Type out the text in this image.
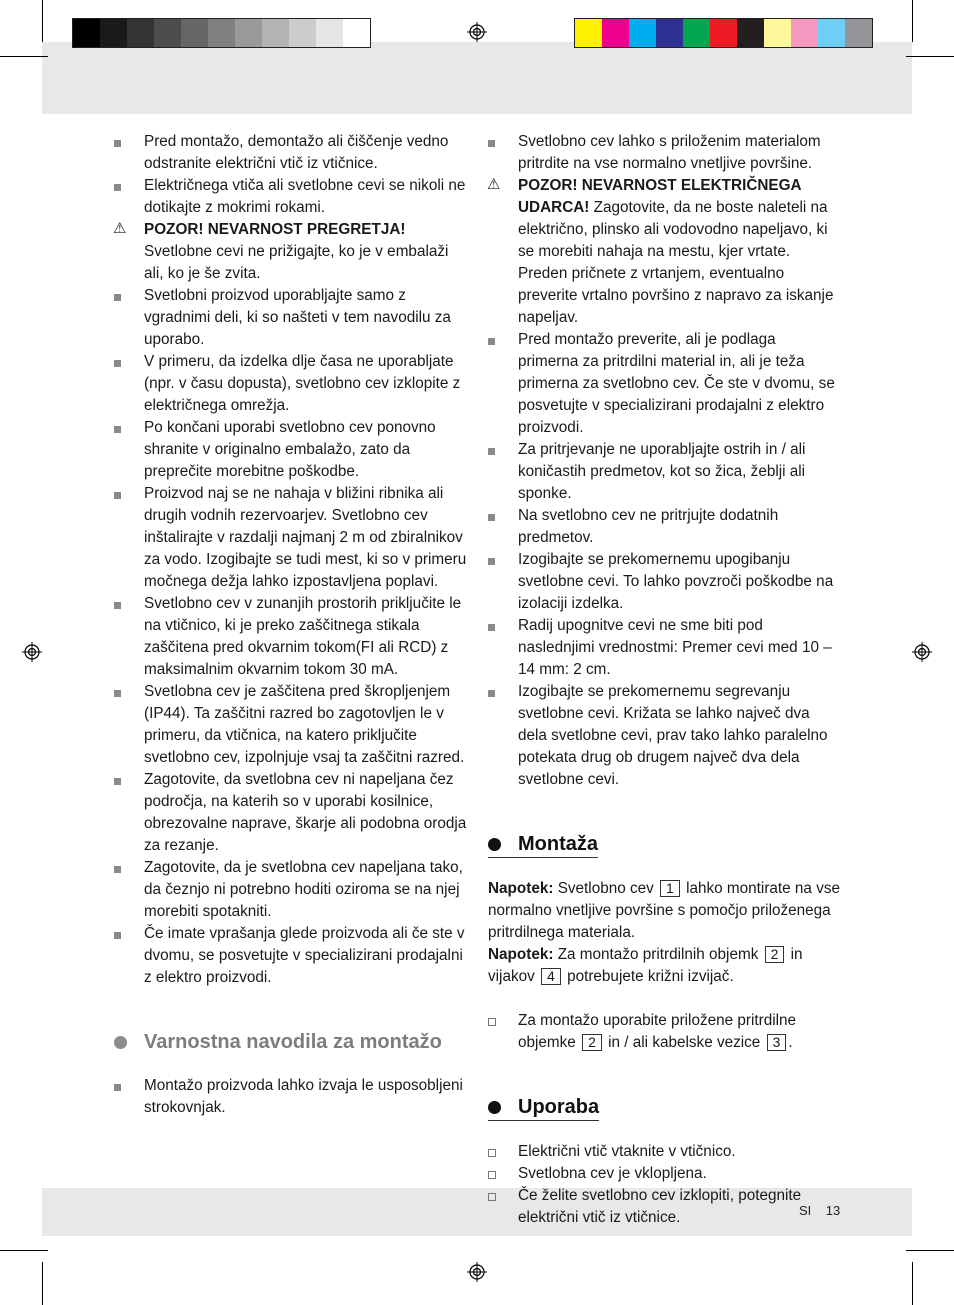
Pred montažo, demontažo ali čiščenje vedno odstranite električni vtič iz vtičnice.

Električnega vtiča ali svetlobne cevi se nikoli ne dotikajte z mokrimi rokami.

⚠ POZOR! NEVARNOST PREGRETJA!
Svetlobne cevi ne prižigajte, ko je v embalaži ali, ko je še zvita.

Svetlobni proizvod uporabljajte samo z vgradnimi deli, ki so našteti v tem navodilu za uporabo.

V primeru, da izdelka dlje časa ne uporabljate (npr. v času dopusta), svetlobno cev izklopite z električnega omrežja.

Po končani uporabi svetlobno cev ponovno shranite v originalno embalažo, zato da preprečite morebitne poškodbe.

Proizvod naj se ne nahaja v bližini ribnika ali drugih vodnih rezervoarjev. Svetlobno cev inštalirajte v razdalji najmanj 2 m od zbiralnikov za vodo. Izogibajte se tudi mest, ki so v primeru močnega dežja lahko izpostavljena poplavi.

Svetlobno cev v zunanjih prostorih priključite le na vtičnico, ki je preko zaščitnega stikala zaščitena pred okvarnim tokom(FI ali RCD) z maksimalnim okvarnim tokom 30 mA.

Svetlobna cev je zaščitena pred škropljenjem (IP44). Ta zaščitni razred bo zagotovljen le v primeru, da vtičnica, na katero priključite svetlobno cev, izpolnjuje vsaj ta zaščitni razred.

Zagotovite, da svetlobna cev ni napeljana čez področja, na katerih so v uporabi kosilnice, obrezovalne naprave, škarje ali podobna orodja za rezanje.

Zagotovite, da je svetlobna cev napeljana tako, da čeznjo ni potrebno hoditi oziroma se na njej morebiti spotakniti.

Če imate vprašanja glede proizvoda ali če ste v dvomu, se posvetujte v specializirani prodajalni z elektro proizvodi.

Varnostna navodila za montažo

Montažo proizvoda lahko izvaja le usposobljeni strokovnjak.

Svetlobno cev lahko s priloženim materialom pritrdite na vse normalno vnetljive površine.

⚠ POZOR! NEVARNOST ELEKTRIČNEGA UDARCA! Zagotovite, da ne boste naleteli na električno, plinsko ali vodovodno napeljavo, ki se morebiti nahaja na mestu, kjer vrtate. Preden pričnete z vrtanjem, eventualno preverite vrtalno površino z napravo za iskanje napeljav.

Pred montažo preverite, ali je podlaga primerna za pritrdilni material in, ali je teža primerna za svetlobno cev. Če ste v dvomu, se posvetujte v specializirani prodajalni z elektro proizvodi.

Za pritrjevanje ne uporabljajte ostrih in / ali koničastih predmetov, kot so žica, žeblji ali sponke.

Na svetlobno cev ne pritrjujte dodatnih predmetov.

Izogibajte se prekomernemu upogibanju svetlobne cevi. To lahko povzroči poškodbe na izolaciji izdelka.

Radij upognitve cevi ne sme biti pod naslednjimi vrednostmi: Premer cevi med 10 – 14 mm: 2 cm.

Izogibajte se prekomernemu segrevanju svetlobne cevi. Križata se lahko največ dva dela svetlobne cevi, prav tako lahko paralelno potekata drug ob drugem največ dva dela svetlobne cevi.

Montaža

Napotek: Svetlobno cev 1 lahko montirate na vse normalno vnetljive površine s pomočjo priloženega pritrdilnega materiala.

Napotek: Za montažo pritrdilnih objemk 2 in vijakov 4 potrebujete križni izvijač.

Za montažo uporabite priložene pritrdilne objemke 2 in / ali kabelske vezice 3 .

Uporaba

Električni vtič vtaknite v vtičnico.

Svetlobna cev je vklopljena.

Če želite svetlobno cev izklopiti, potegnite električni vtič iz vtičnice.	SI 13
